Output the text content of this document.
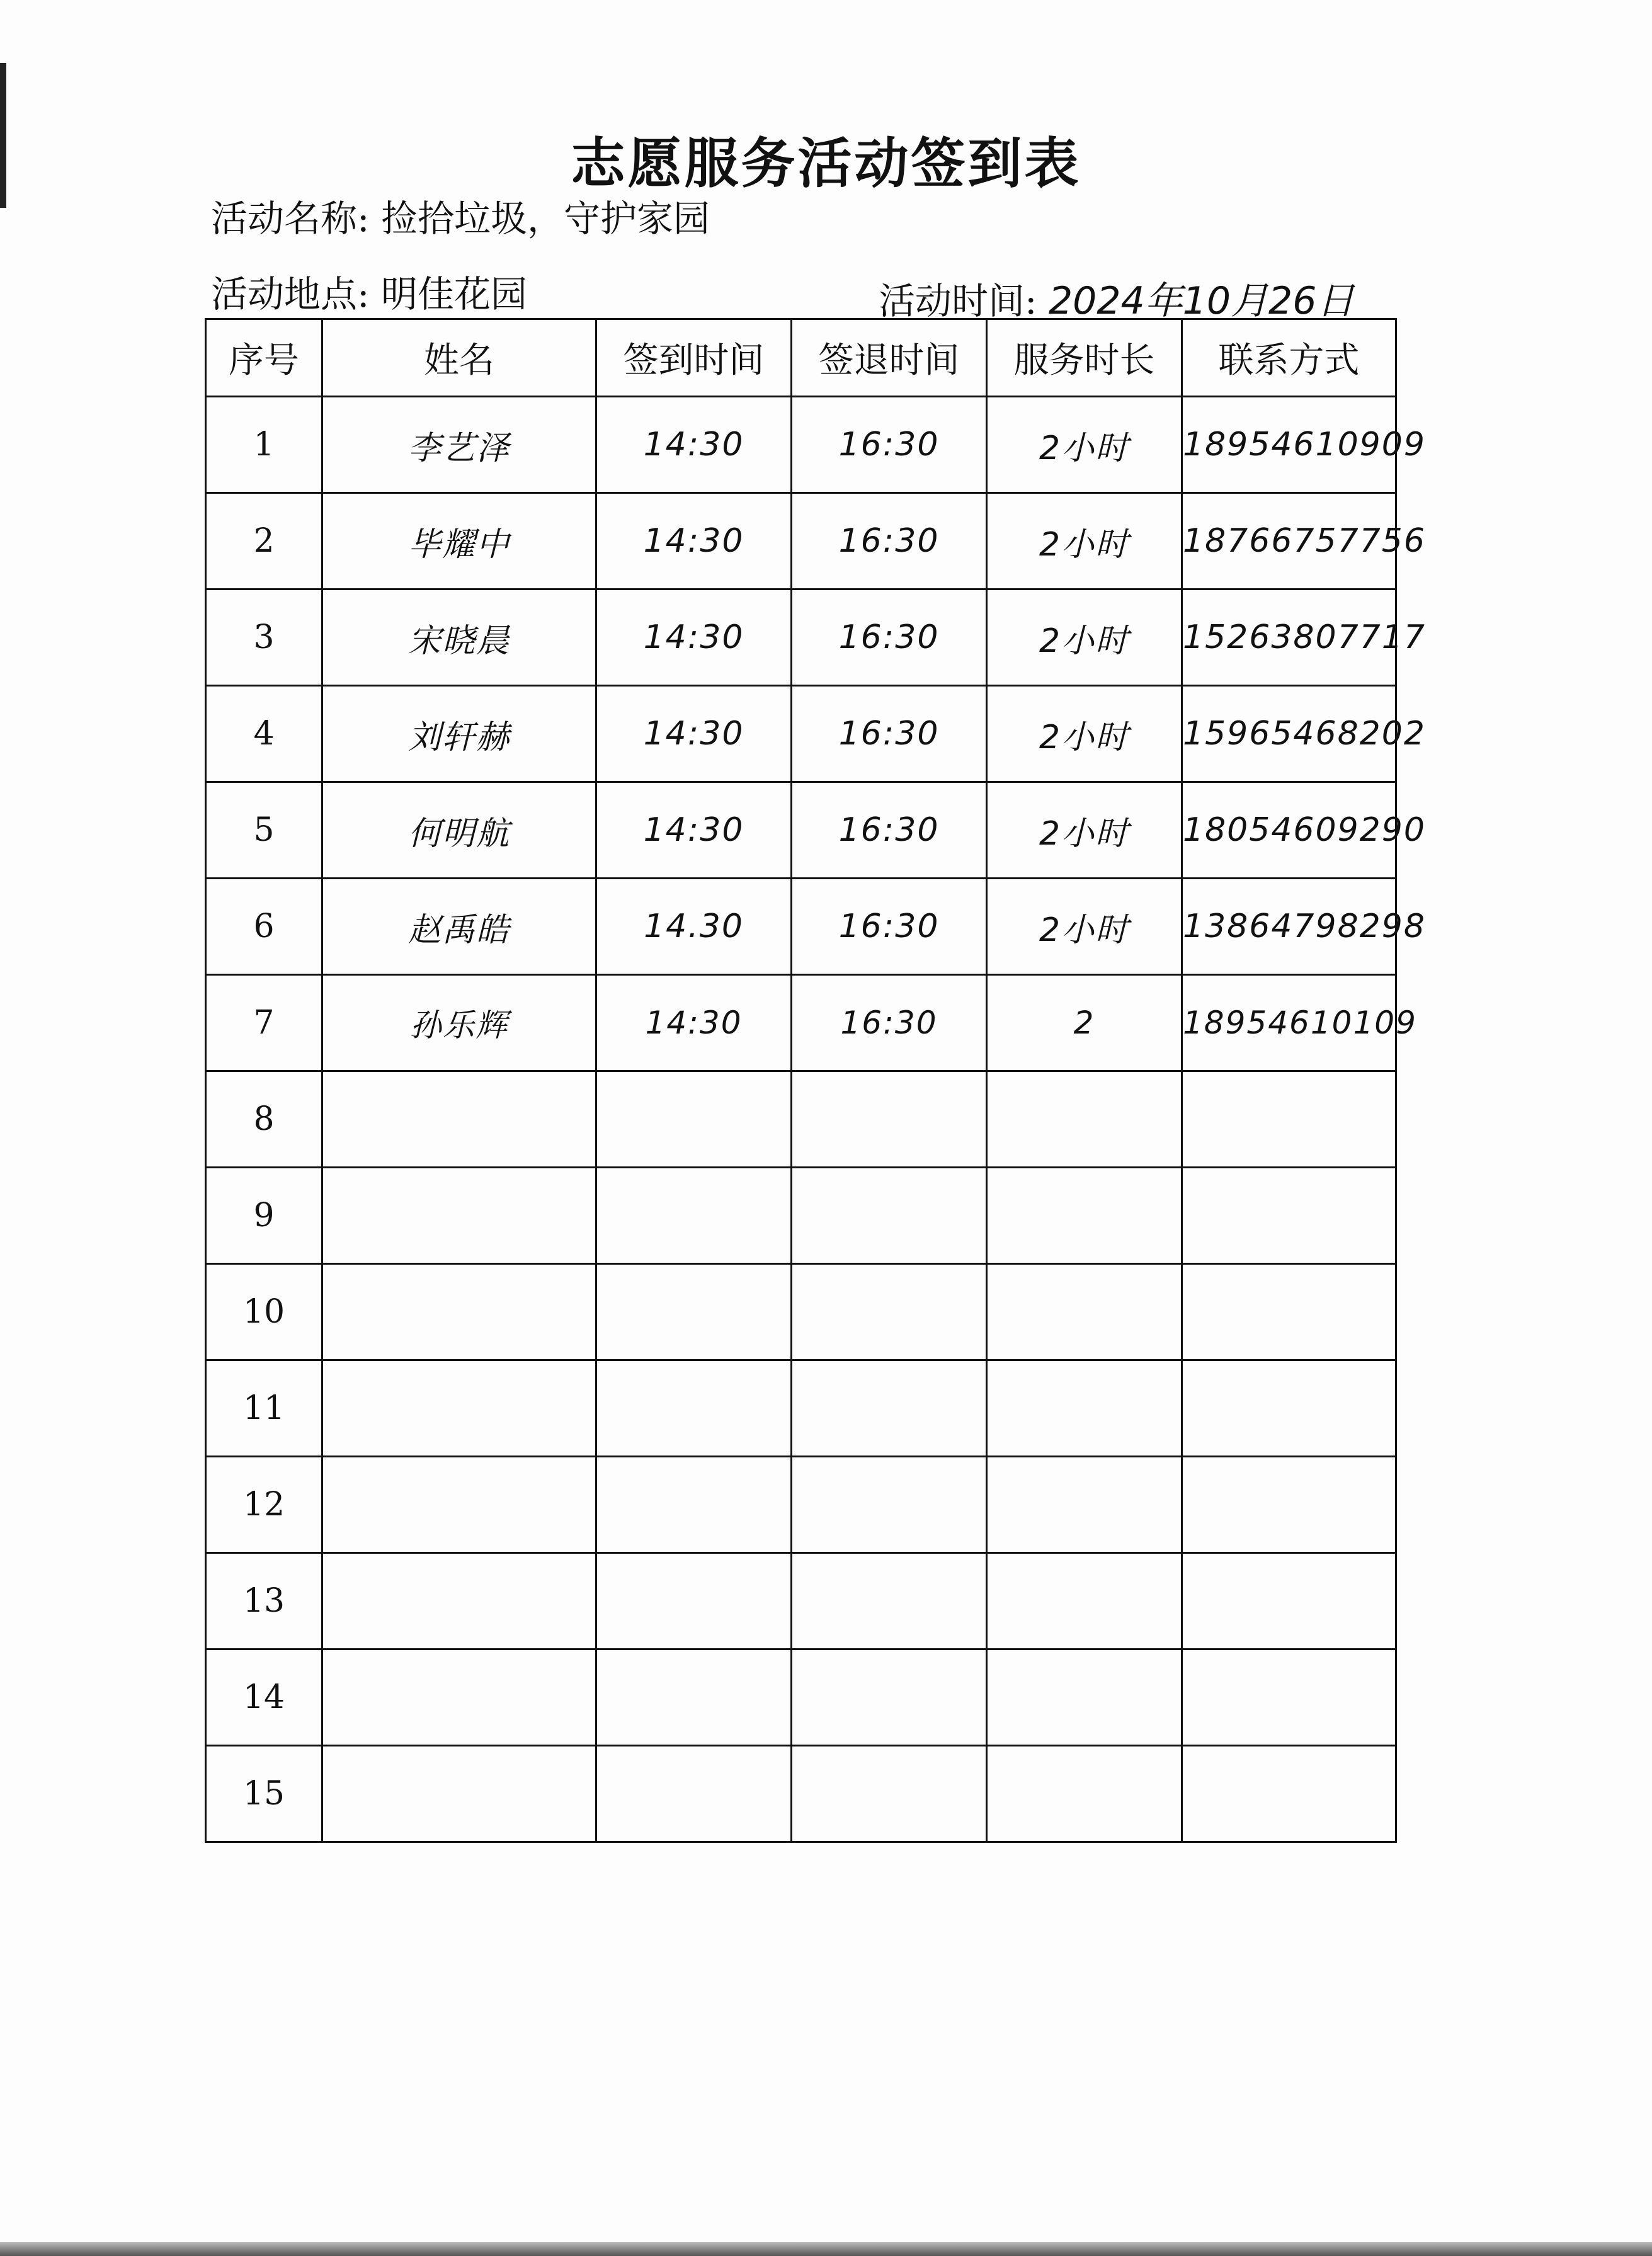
志愿服务活动签到表
活动名称: 捡拾垃圾，守护家园
活动地点: 明佳花园	活动时间: 2024年10月26日
序号	姓名	签到时间	签退时间	服务时长	联系方式
1	李艺泽	14:30	16:30	2小时	18954610909
2	毕耀中	14:30	16:30	2小时	18766757756
3	宋晓晨	14:30	16:30	2小时	15263807717
4	刘轩赫	14:30	16:30	2小时	15965468202
5	何明航	14:30	16:30	2小时	18054609290
6	赵禹皓	14.30	16:30	2小时	13864798298
7	孙乐辉	14:30	16:30	2	18954610109
8					
9					
10					
11					
12					
13					
14					
15					
